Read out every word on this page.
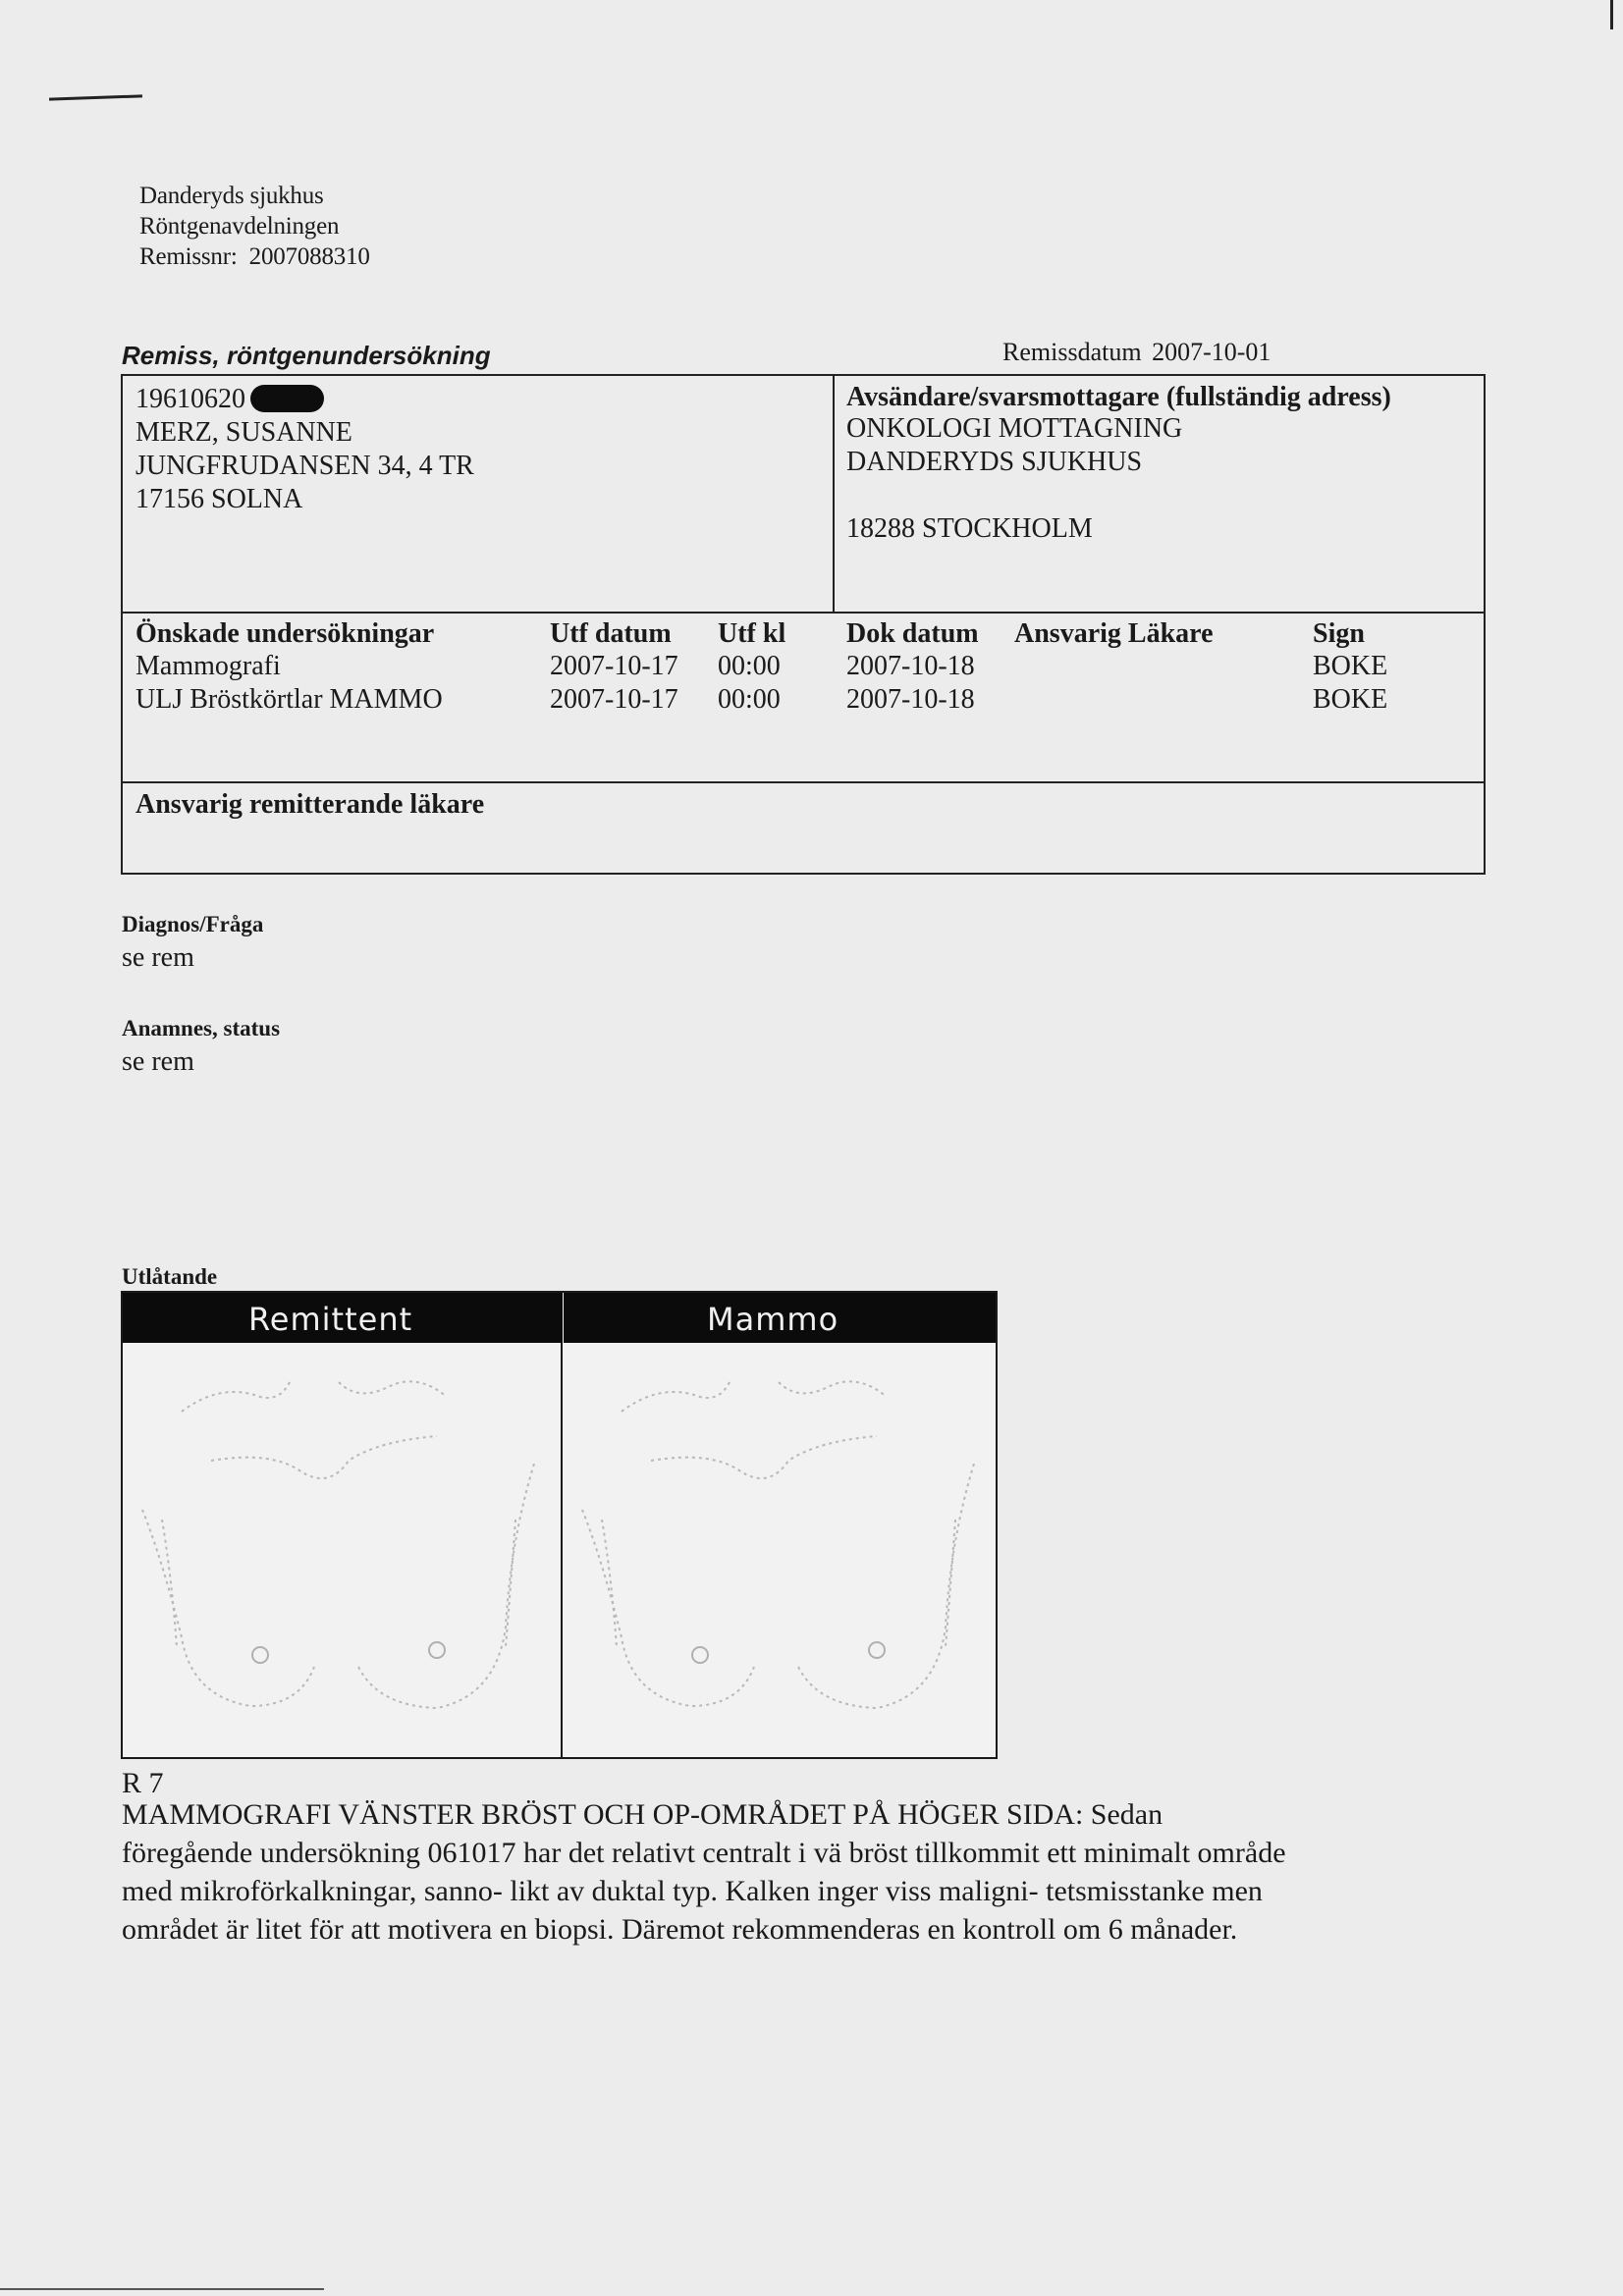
Danderyds sjukhus
Röntgenavdelningen
Remissnr: 2007088310
Remiss, röntgenundersökning	Remissdatum 2007-10-01
19610620
MERZ, SUSANNE
JUNGFRUDANSEN 34, 4 TR
17156 SOLNA
Avsändare/svarsmottagare (fullständig adress)
ONKOLOGI MOTTAGNING
DANDERYDS SJUKHUS
18288 STOCKHOLM
Önskade undersökningar	Utf datum Utf kl Dok datum Ansvarig Läkare	Sign
Mammografi	2007-10-17 00:00 2007-10-18	BOKE
ULJ Bröstkörtlar MAMMO	2007-10-17 00:00 2007-10-18	BOKE
Ansvarig remitterande läkare
Diagnos/Fråga
se rem
Anamnes, status
se rem
Utlåtande
Remittent	Mammo
R 7
MAMMOGRAFI VÄNSTER BRÖST OCH OP-OMRÅDET PÅ HÖGER SIDA: Sedan föregående undersökning 061017 har det relativt centralt i vä bröst tillkommit ett minimalt område med mikroförkalkningar, sanno- likt av duktal typ. Kalken inger viss maligni- tetsmisstanke men området är litet för att motivera en biopsi. Däremot rekommenderas en kontroll om 6 månader.
